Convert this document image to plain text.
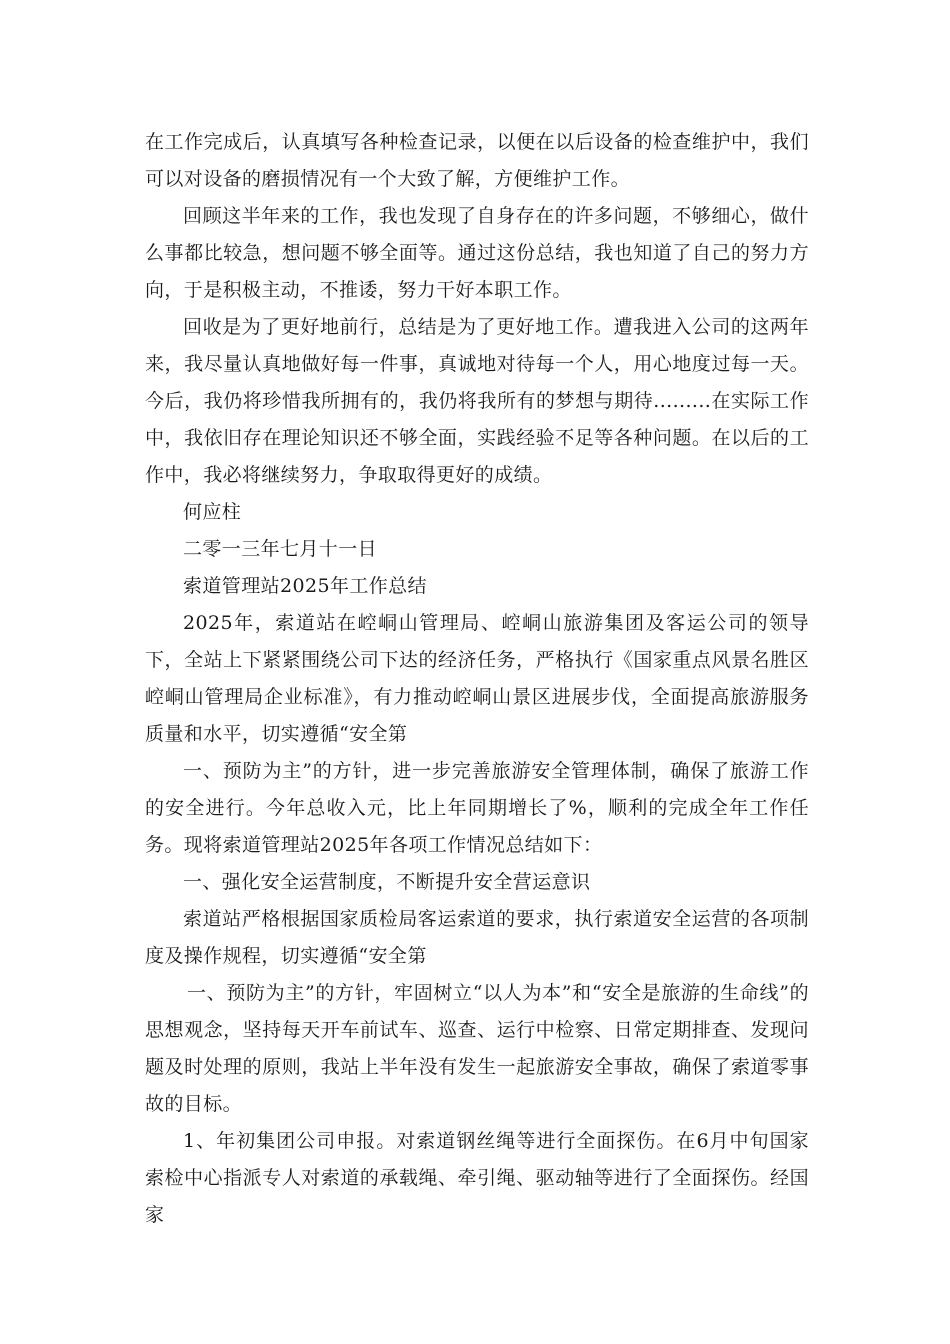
在工作完成后，认真填写各种检查记录，以便在以后设备的检查维护中，我们可以对设备的磨损情况有一个大致了解，方便维护工作。

回顾这半年来的工作，我也发现了自身存在的许多问题，不够细心，做什么事都比较急，想问题不够全面等。通过这份总结，我也知道了自己的努力方向，于是积极主动，不推诿，努力干好本职工作。

回收是为了更好地前行，总结是为了更好地工作。遭我进入公司的这两年来，我尽量认真地做好每一件事，真诚地对待每一个人，用心地度过每一天。今后，我仍将珍惜我所拥有的，我仍将我所有的梦想与期待.........在实际工作中，我依旧存在理论知识还不够全面，实践经验不足等各种问题。在以后的工作中，我必将继续努力，争取取得更好的成绩。

何应柱

二零一三年七月十一日

索道管理站2025年工作总结

2025年，索道站在崆峒山管理局、崆峒山旅游集团及客运公司的领导下，全站上下紧紧围绕公司下达的经济任务，严格执行《国家重点风景名胜区崆峒山管理局企业标准》，有力推动崆峒山景区进展步伐，全面提高旅游服务质量和水平，切实遵循“安全第

一、预防为主”的方针，进一步完善旅游安全管理体制，确保了旅游工作的安全进行。今年总收入元，比上年同期增长了%，顺利的完成全年工作任务。现将索道管理站2025年各项工作情况总结如下：

一、强化安全运营制度，不断提升安全营运意识

索道站严格根据国家质检局客运索道的要求，执行索道安全运营的各项制度及操作规程，切实遵循“安全第

一、预防为主”的方针，牢固树立“以人为本”和“安全是旅游的生命线”的思想观念，坚持每天开车前试车、巡查、运行中检察、日常定期排查、发现问题及时处理的原则，我站上半年没有发生一起旅游安全事故，确保了索道零事故的目标。

1、年初集团公司申报。对索道钢丝绳等进行全面探伤。在6月中旬国家索检中心指派专人对索道的承载绳、牵引绳、驱动轴等进行了全面探伤。经国家
